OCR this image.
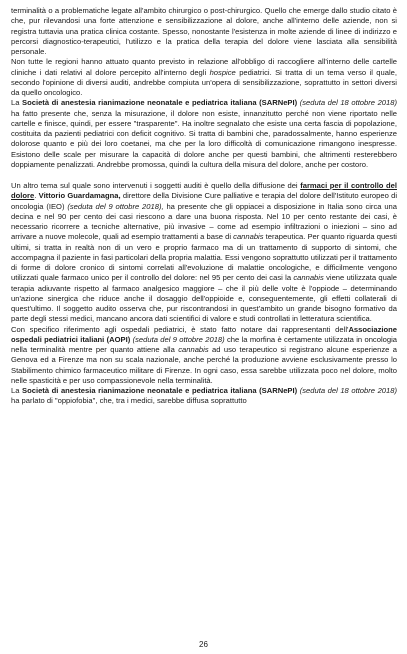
terminalità o a problematiche legate all'ambito chirurgico o post-chirurgico. Quello che emerge dallo studio citato è che, pur rilevandosi una forte attenzione e sensibilizzazione al dolore, anche all'interno delle aziende, non si registra tuttavia una pratica clinica costante. Spesso, nonostante l'esistenza in molte aziende di linee di indirizzo e percorsi diagnostico-terapeutici, l'utilizzo e la pratica della terapia del dolore viene lasciata alla sensibilità personale.

Non tutte le regioni hanno attuato quanto previsto in relazione all'obbligo di raccogliere all'interno delle cartelle cliniche i dati relativi al dolore percepito all'interno degli hospice pediatrici. Si tratta di un tema verso il quale, secondo l'opinione di diversi auditi, andrebbe compiuta un'opera di sensibilizzazione, soprattutto in settori diversi da quello oncologico.

La Società di anestesia rianimazione neonatale e pediatrica italiana (SARNePI) (seduta del 18 ottobre 2018) ha fatto presente che, senza la misurazione, il dolore non esiste, innanzitutto perché non viene riportato nelle cartelle e finisce, quindi, per essere "trasparente". Ha inoltre segnalato che esiste una certa fascia di popolazione, costituita da pazienti pediatrici con deficit cognitivo. Si tratta di bambini che, paradossalmente, hanno esperienze dolorose quanto e più dei loro coetanei, ma che per la loro difficoltà di comunicazione rimangono inespresse. Esistono delle scale per misurare la capacità di dolore anche per questi bambini, che altrimenti resterebbero doppiamente penalizzati. Andrebbe promossa, quindi la cultura della misura del dolore, anche per costoro.

Un altro tema sul quale sono intervenuti i soggetti auditi è quello della diffusione dei farmaci per il controllo del dolore. Vittorio Guardamagna, direttore della Divisione Cure palliative e terapia del dolore dell'Istituto europeo di oncologia (IEO) (seduta del 9 ottobre 2018), ha presente che gli oppiacei a disposizione in Italia sono circa una decina e nel 90 per cento dei casi riescono a dare una buona risposta. Nel 10 per cento restante dei casi, è necessario ricorrere a tecniche alternative, più invasive – come ad esempio infiltrazioni o iniezioni – sino ad arrivare a nuove molecole, quali ad esempio trattamenti a base di cannabis terapeutica. Per quanto riguarda questi ultimi, si tratta in realtà non di un vero e proprio farmaco ma di un trattamento di supporto di sintomi, che accompagna il paziente in fasi particolari della propria malattia. Essi vengono soprattutto utilizzati per il trattamento di forme di dolore cronico di sintomi correlati all'evoluzione di malattie oncologiche, e difficilmente vengono utilizzati quale farmaco unico per il controllo del dolore: nel 95 per cento dei casi la cannabis viene utilizzata quale terapia adiuvante rispetto al farmaco analgesico maggiore – che il più delle volte è l'oppiode – determinando un'azione sinergica che riduce anche il dosaggio dell'oppioide e, conseguentemente, gli effetti collaterali di quest'ultimo. Il soggetto audito osserva che, pur riscontrandosi in quest'ambito un grande bisogno formativo da parte degli stessi medici, mancano ancora dati scientifici di valore e studi controllati in letteratura scientifica.

Con specifico riferimento agli ospedali pediatrici, è stato fatto notare dai rappresentanti dell'Associazione ospedali pediatrici italiani (AOPI) (seduta del 9 ottobre 2018) che la morfina è certamente utilizzata in oncologia nella terminalità mentre per quanto attiene alla cannabis ad uso terapeutico si registrano alcune esperienze a Genova ed a Firenze ma non su scala nazionale, anche perché la produzione avviene esclusivamente presso lo Stabilimento chimico farmaceutico militare di Firenze. In ogni caso, essa sarebbe utilizzata poco nel dolore, molto nelle spasticità e per uso compassionevole nella terminalità.

La Società di anestesia rianimazione neonatale e pediatrica italiana (SARNePI) (seduta del 18 ottobre 2018) ha parlato di "oppiofobia", che, tra i medici, sarebbe diffusa soprattutto

26
